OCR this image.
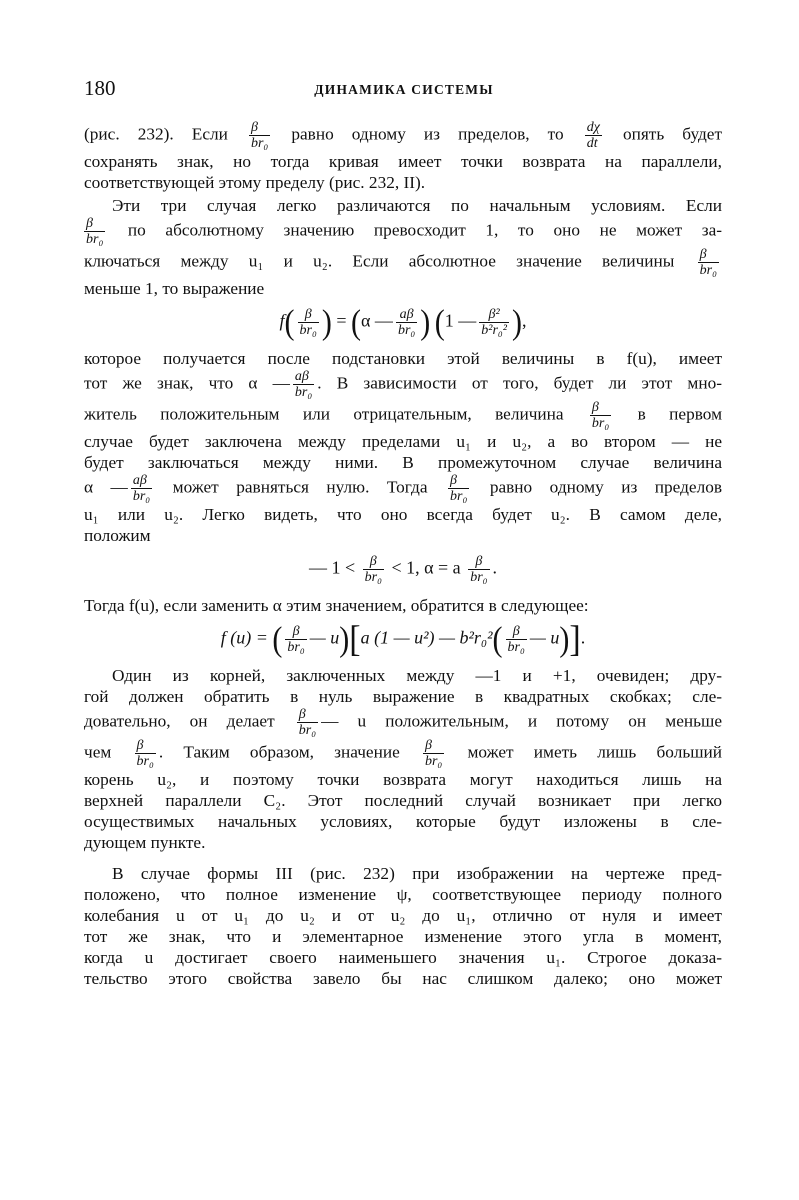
180	ДИНАМИКА СИСТЕМЫ
(рис. 232). Если $\frac{\beta}{\text{br₀}}$ равно одному из пределов, то $\frac{d\chi}{dt}$ опять будет
сохранять знак, но тогда кривая имеет точки возврата на параллели,
соответствующей этому пределу (рис. 232, II).
Эти три случая легко различаются по начальным условиям. Если
$\frac{\beta}{\text{br₀}}$ по абсолютному значению превосходит 1, то оно не может за-
ключаться между u₁ и u₂. Если абсолютное значение величины $\frac{\beta}{\text{br₀}}$
меньше 1, то выражение
$f( \frac{\beta}{\text{br₀}}$ ) = (α — $\frac{a\beta}{\text{br₀}}$ ) (1 — $\frac{\text{β²}}{\text{b²r₀²}}$ ),
которое получается после подстановки этой величины в f(u), имеет
тот же знак, что α — $\frac{a\beta}{\text{br₀}}$ . В зависимости от того, будет ли этот мно-
житель положительным или отрицательным, величина $\frac{\beta}{\text{br₀}}$ в первом
случае будет заключена между пределами u₁ и u₂, а во втором — не
будет заключаться между ними. В промежуточном случае величина
α — $\frac{a\beta}{\text{br₀}}$ может равняться нулю. Тогда $\frac{\beta}{\text{br₀}}$ равно одному из пределов
u₁ или u₂. Легко видеть, что оно всегда будет u₂. В самом деле,
положим
— $1 < \frac{\beta}{\text{br₀}} < 1$, α = a $\frac{\beta}{\text{br₀}}$ .
Тогда f(u), если заменить α этим значением, обратится в следующее:
f (u) = ( $\frac{\beta}{\text{br₀}}$ — u)[a (1 — u²) — $b^2r_0^2( \frac{\beta}{\text{br₀}}$ — u)].
Один из корней, заключенных между —1 и +1, очевиден; дру-
гой должен обратить в нуль выражение в квадратных скобках; сле-
довательно, он делает $\frac{\beta}{\text{br₀}}$ — u положительным, и потому он меньше
чем $\frac{\beta}{\text{br₀}}$ . Таким образом, значение $\frac{\beta}{\text{br₀}}$ может иметь лишь больший
корень u₂, и поэтому точки возврата могут находиться лишь на
верхней параллели C₂. Этот последний случай возникает при легко
осуществимых начальных условиях, которые будут изложены в сле-
дующем пункте.
В случае формы III (рис. 232) при изображении на чертеже пред-
положено, что полное изменение ψ, соответствующее периоду полного
колебания u от u₁ до u₂ и от u₂ до u₁, отлично от нуля и имеет
тот же знак, что и элементарное изменение этого угла в момент,
когда u достигает своего наименьшего значения u₁. Строгое доказа-
тельство этого свойства завело бы нас слишком далеко; оно может
